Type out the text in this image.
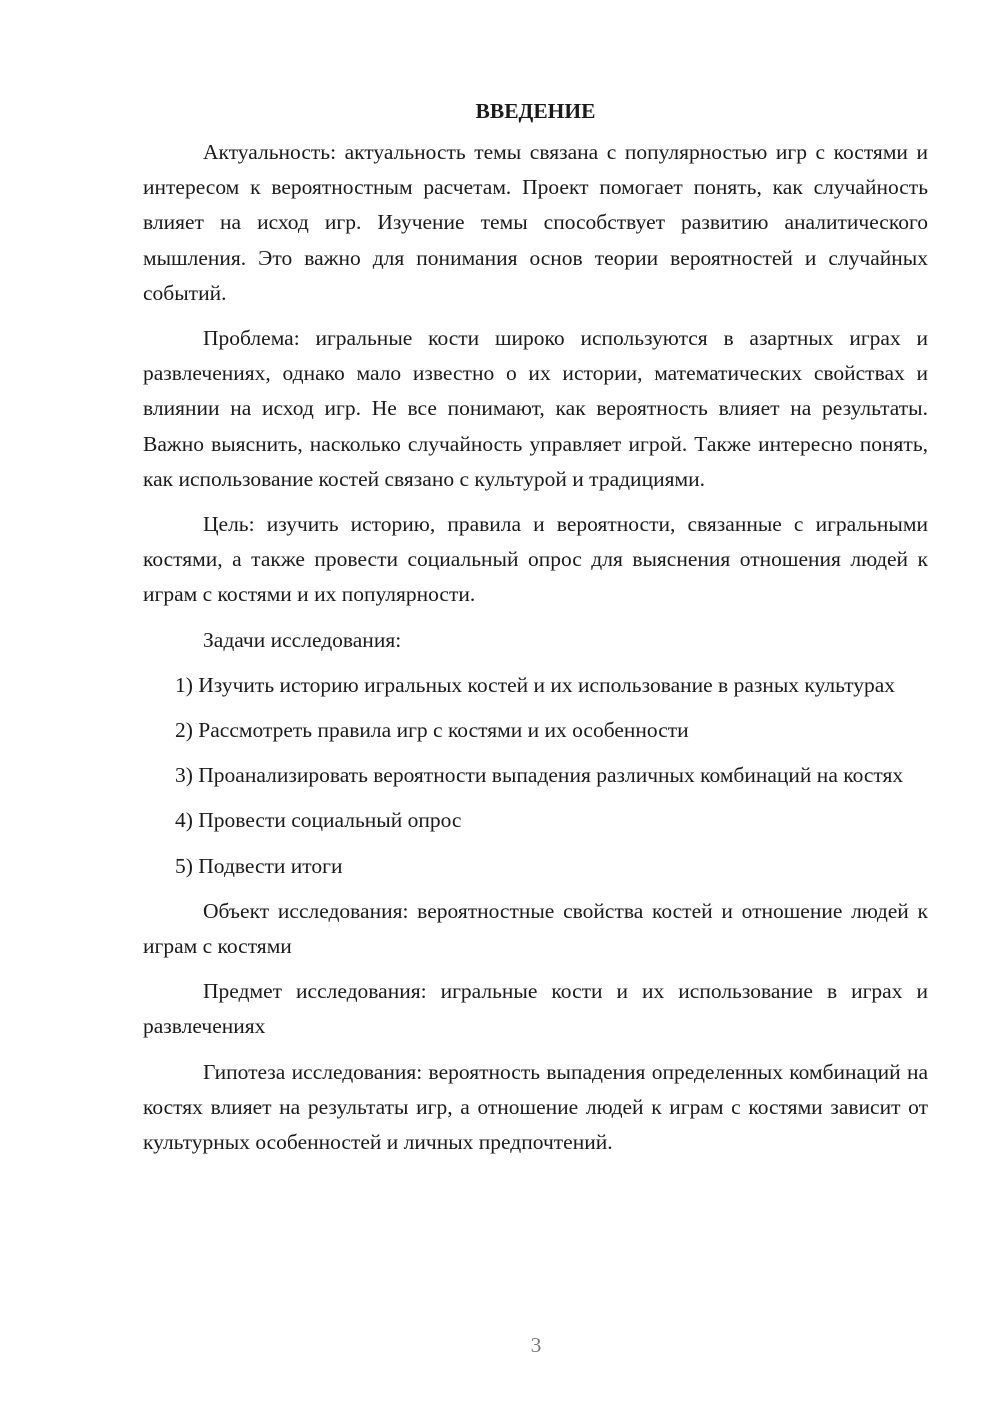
ВВЕДЕНИЕ

Актуальность: актуальность темы связана с популярностью игр с костями и интересом к вероятностным расчетам. Проект помогает понять, как случайность влияет на исход игр. Изучение темы способствует развитию аналитического мышления. Это важно для понимания основ теории вероятностей и случайных событий.

Проблема: игральные кости широко используются в азартных играх и развлечениях, однако мало известно о их истории, математических свойствах и влиянии на исход игр. Не все понимают, как вероятность влияет на результаты. Важно выяснить, насколько случайность управляет игрой. Также интересно понять, как использование костей связано с культурой и традициями.

Цель: изучить историю, правила и вероятности, связанные с игральными костями, а также провести социальный опрос для выяснения отношения людей к играм с костями и их популярности.

Задачи исследования:

1) Изучить историю игральных костей и их использование в разных культурах

2) Рассмотреть правила игр с костями и их особенности

3) Проанализировать вероятности выпадения различных комбинаций на костях

4) Провести социальный опрос

5) Подвести итоги

Объект исследования: вероятностные свойства костей и отношение людей к играм с костями

Предмет исследования: игральные кости и их использование в играх и развлечениях

Гипотеза исследования: вероятность выпадения определенных комбинаций на костях влияет на результаты игр, а отношение людей к играм с костями зависит от культурных особенностей и личных предпочтений.

3
